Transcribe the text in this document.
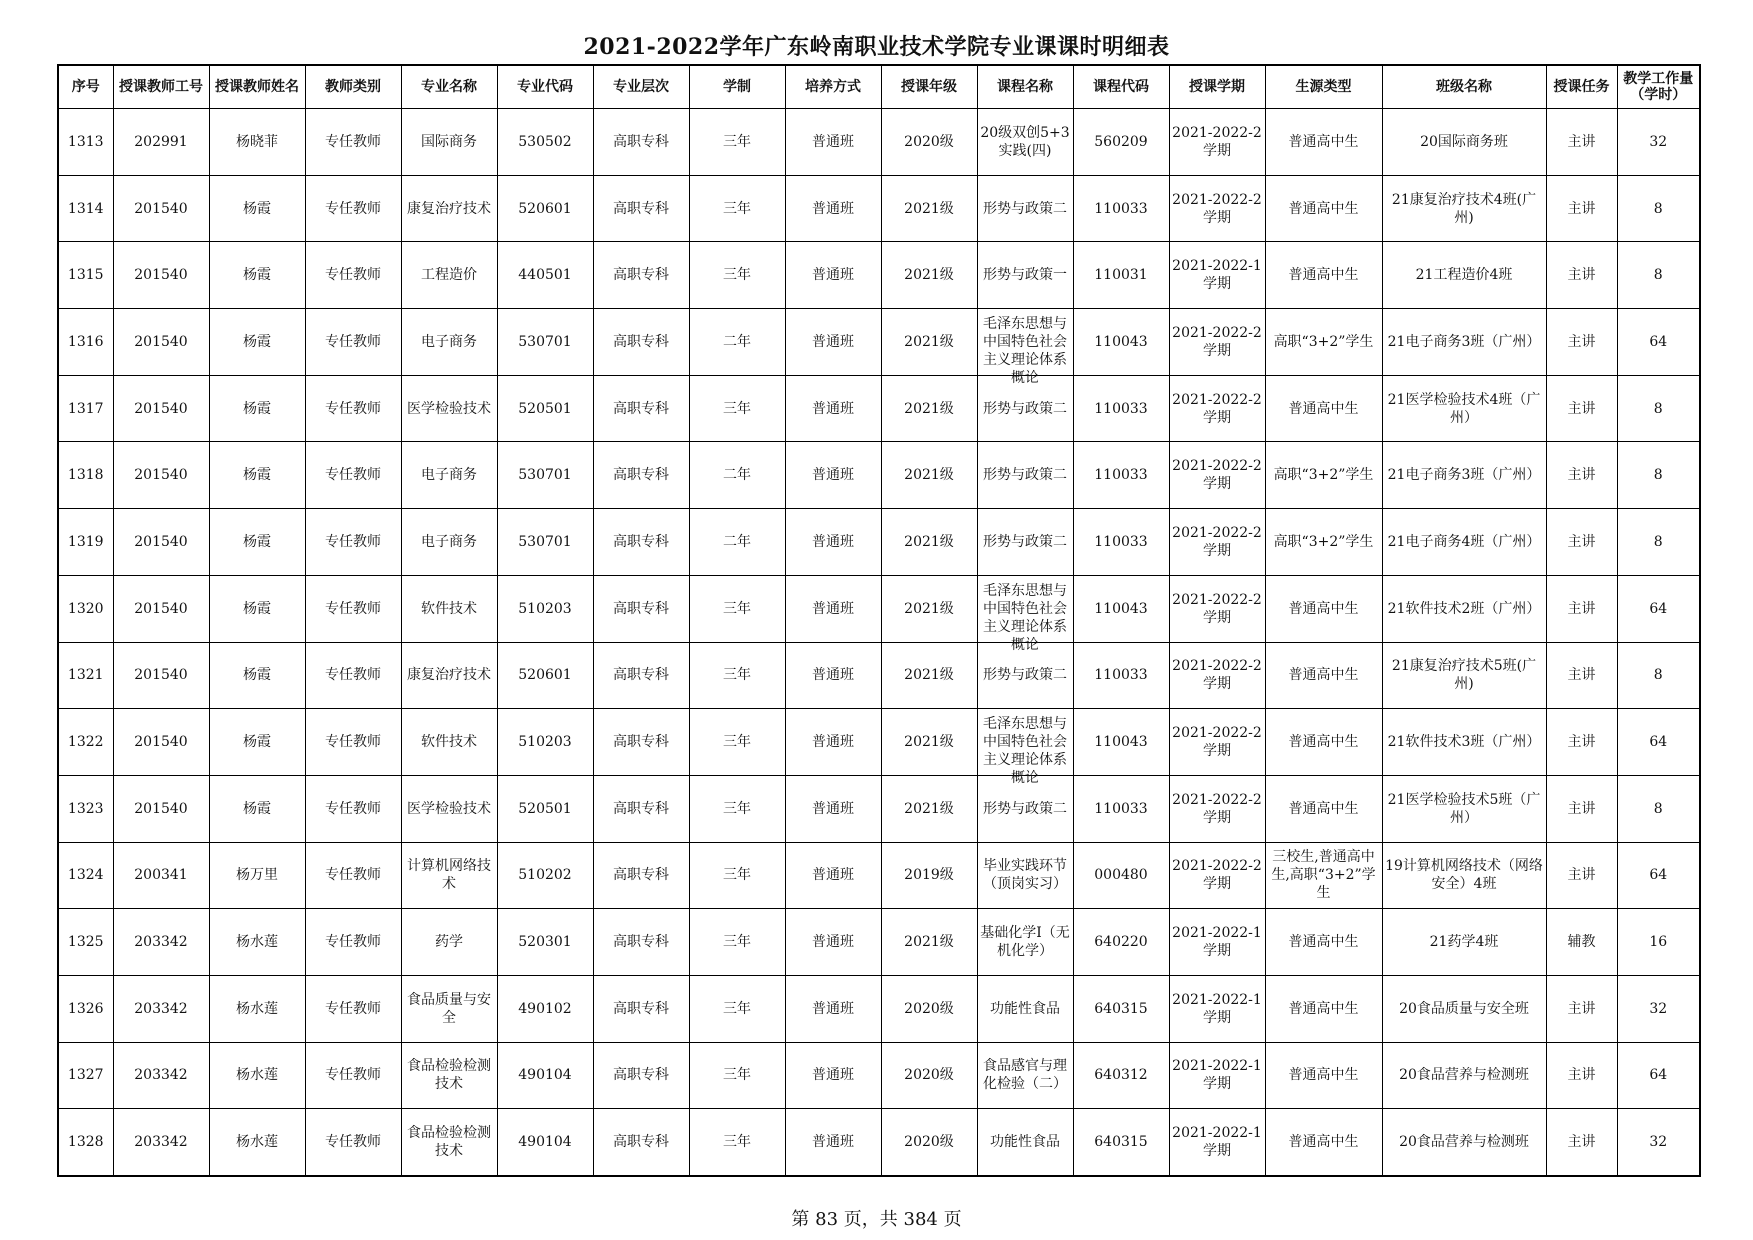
2021-2022学年广东岭南职业技术学院专业课课时明细表
序号	授课教师工号	授课教师姓名	教师类别	专业名称	专业代码	专业层次	学制	培养方式	授课年级	课程名称	课程代码	授课学期	生源类型	班级名称	授课任务	教学工作量（学时）

1313	202991	杨晓菲	专任教师	国际商务	530502	高职专科	三年	普通班	2020级	20级双创5+3实践(四)	560209	2021-2022-2学期	普通高中生	20国际商务班	主讲	32

1314	201540	杨霞	专任教师	康复治疗技术	520601	高职专科	三年	普通班	2021级	形势与政策二	110033	2021-2022-2学期	普通高中生	21康复治疗技术4班(广州)	主讲	8

1315	201540	杨霞	专任教师	工程造价	440501	高职专科	三年	普通班	2021级	形势与政策一	110031	2021-2022-1学期	普通高中生	21工程造价4班	主讲	8

1316	201540	杨霞	专任教师	电子商务	530701	高职专科	二年	普通班	2021级	毛泽东思想与中国特色社会主义理论体系概论	110043	2021-2022-2学期	高职“3+2”学生	21电子商务3班（广州）	主讲	64

1317	201540	杨霞	专任教师	医学检验技术	520501	高职专科	三年	普通班	2021级	形势与政策二	110033	2021-2022-2学期	普通高中生	21医学检验技术4班（广州）	主讲	8

1318	201540	杨霞	专任教师	电子商务	530701	高职专科	二年	普通班	2021级	形势与政策二	110033	2021-2022-2学期	高职“3+2”学生	21电子商务3班（广州）	主讲	8

1319	201540	杨霞	专任教师	电子商务	530701	高职专科	二年	普通班	2021级	形势与政策二	110033	2021-2022-2学期	高职“3+2”学生	21电子商务4班（广州）	主讲	8

1320	201540	杨霞	专任教师	软件技术	510203	高职专科	三年	普通班	2021级	毛泽东思想与中国特色社会主义理论体系概论	110043	2021-2022-2学期	普通高中生	21软件技术2班（广州）	主讲	64

1321	201540	杨霞	专任教师	康复治疗技术	520601	高职专科	三年	普通班	2021级	形势与政策二	110033	2021-2022-2学期	普通高中生	21康复治疗技术5班(广州)	主讲	8

1322	201540	杨霞	专任教师	软件技术	510203	高职专科	三年	普通班	2021级	毛泽东思想与中国特色社会主义理论体系概论	110043	2021-2022-2学期	普通高中生	21软件技术3班（广州）	主讲	64

1323	201540	杨霞	专任教师	医学检验技术	520501	高职专科	三年	普通班	2021级	形势与政策二	110033	2021-2022-2学期	普通高中生	21医学检验技术5班（广州）	主讲	8

1324	200341	杨万里	专任教师	计算机网络技术	510202	高职专科	三年	普通班	2019级	毕业实践环节（顶岗实习）	000480	2021-2022-2学期	三校生,普通高中生,高职“3+2”学生	19计算机网络技术（网络安全）4班	主讲	64

1325	203342	杨水莲	专任教师	药学	520301	高职专科	三年	普通班	2021级	基础化学I（无机化学）	640220	2021-2022-1学期	普通高中生	21药学4班	辅教	16

1326	203342	杨水莲	专任教师	食品质量与安全	490102	高职专科	三年	普通班	2020级	功能性食品	640315	2021-2022-1学期	普通高中生	20食品质量与安全班	主讲	32

1327	203342	杨水莲	专任教师	食品检验检测技术	490104	高职专科	三年	普通班	2020级	食品感官与理化检验（二）	640312	2021-2022-1学期	普通高中生	20食品营养与检测班	主讲	64

1328	203342	杨水莲	专任教师	食品检验检测技术	490104	高职专科	三年	普通班	2020级	功能性食品	640315	2021-2022-1学期	普通高中生	20食品营养与检测班	主讲	32
第 83 页，共 384 页
